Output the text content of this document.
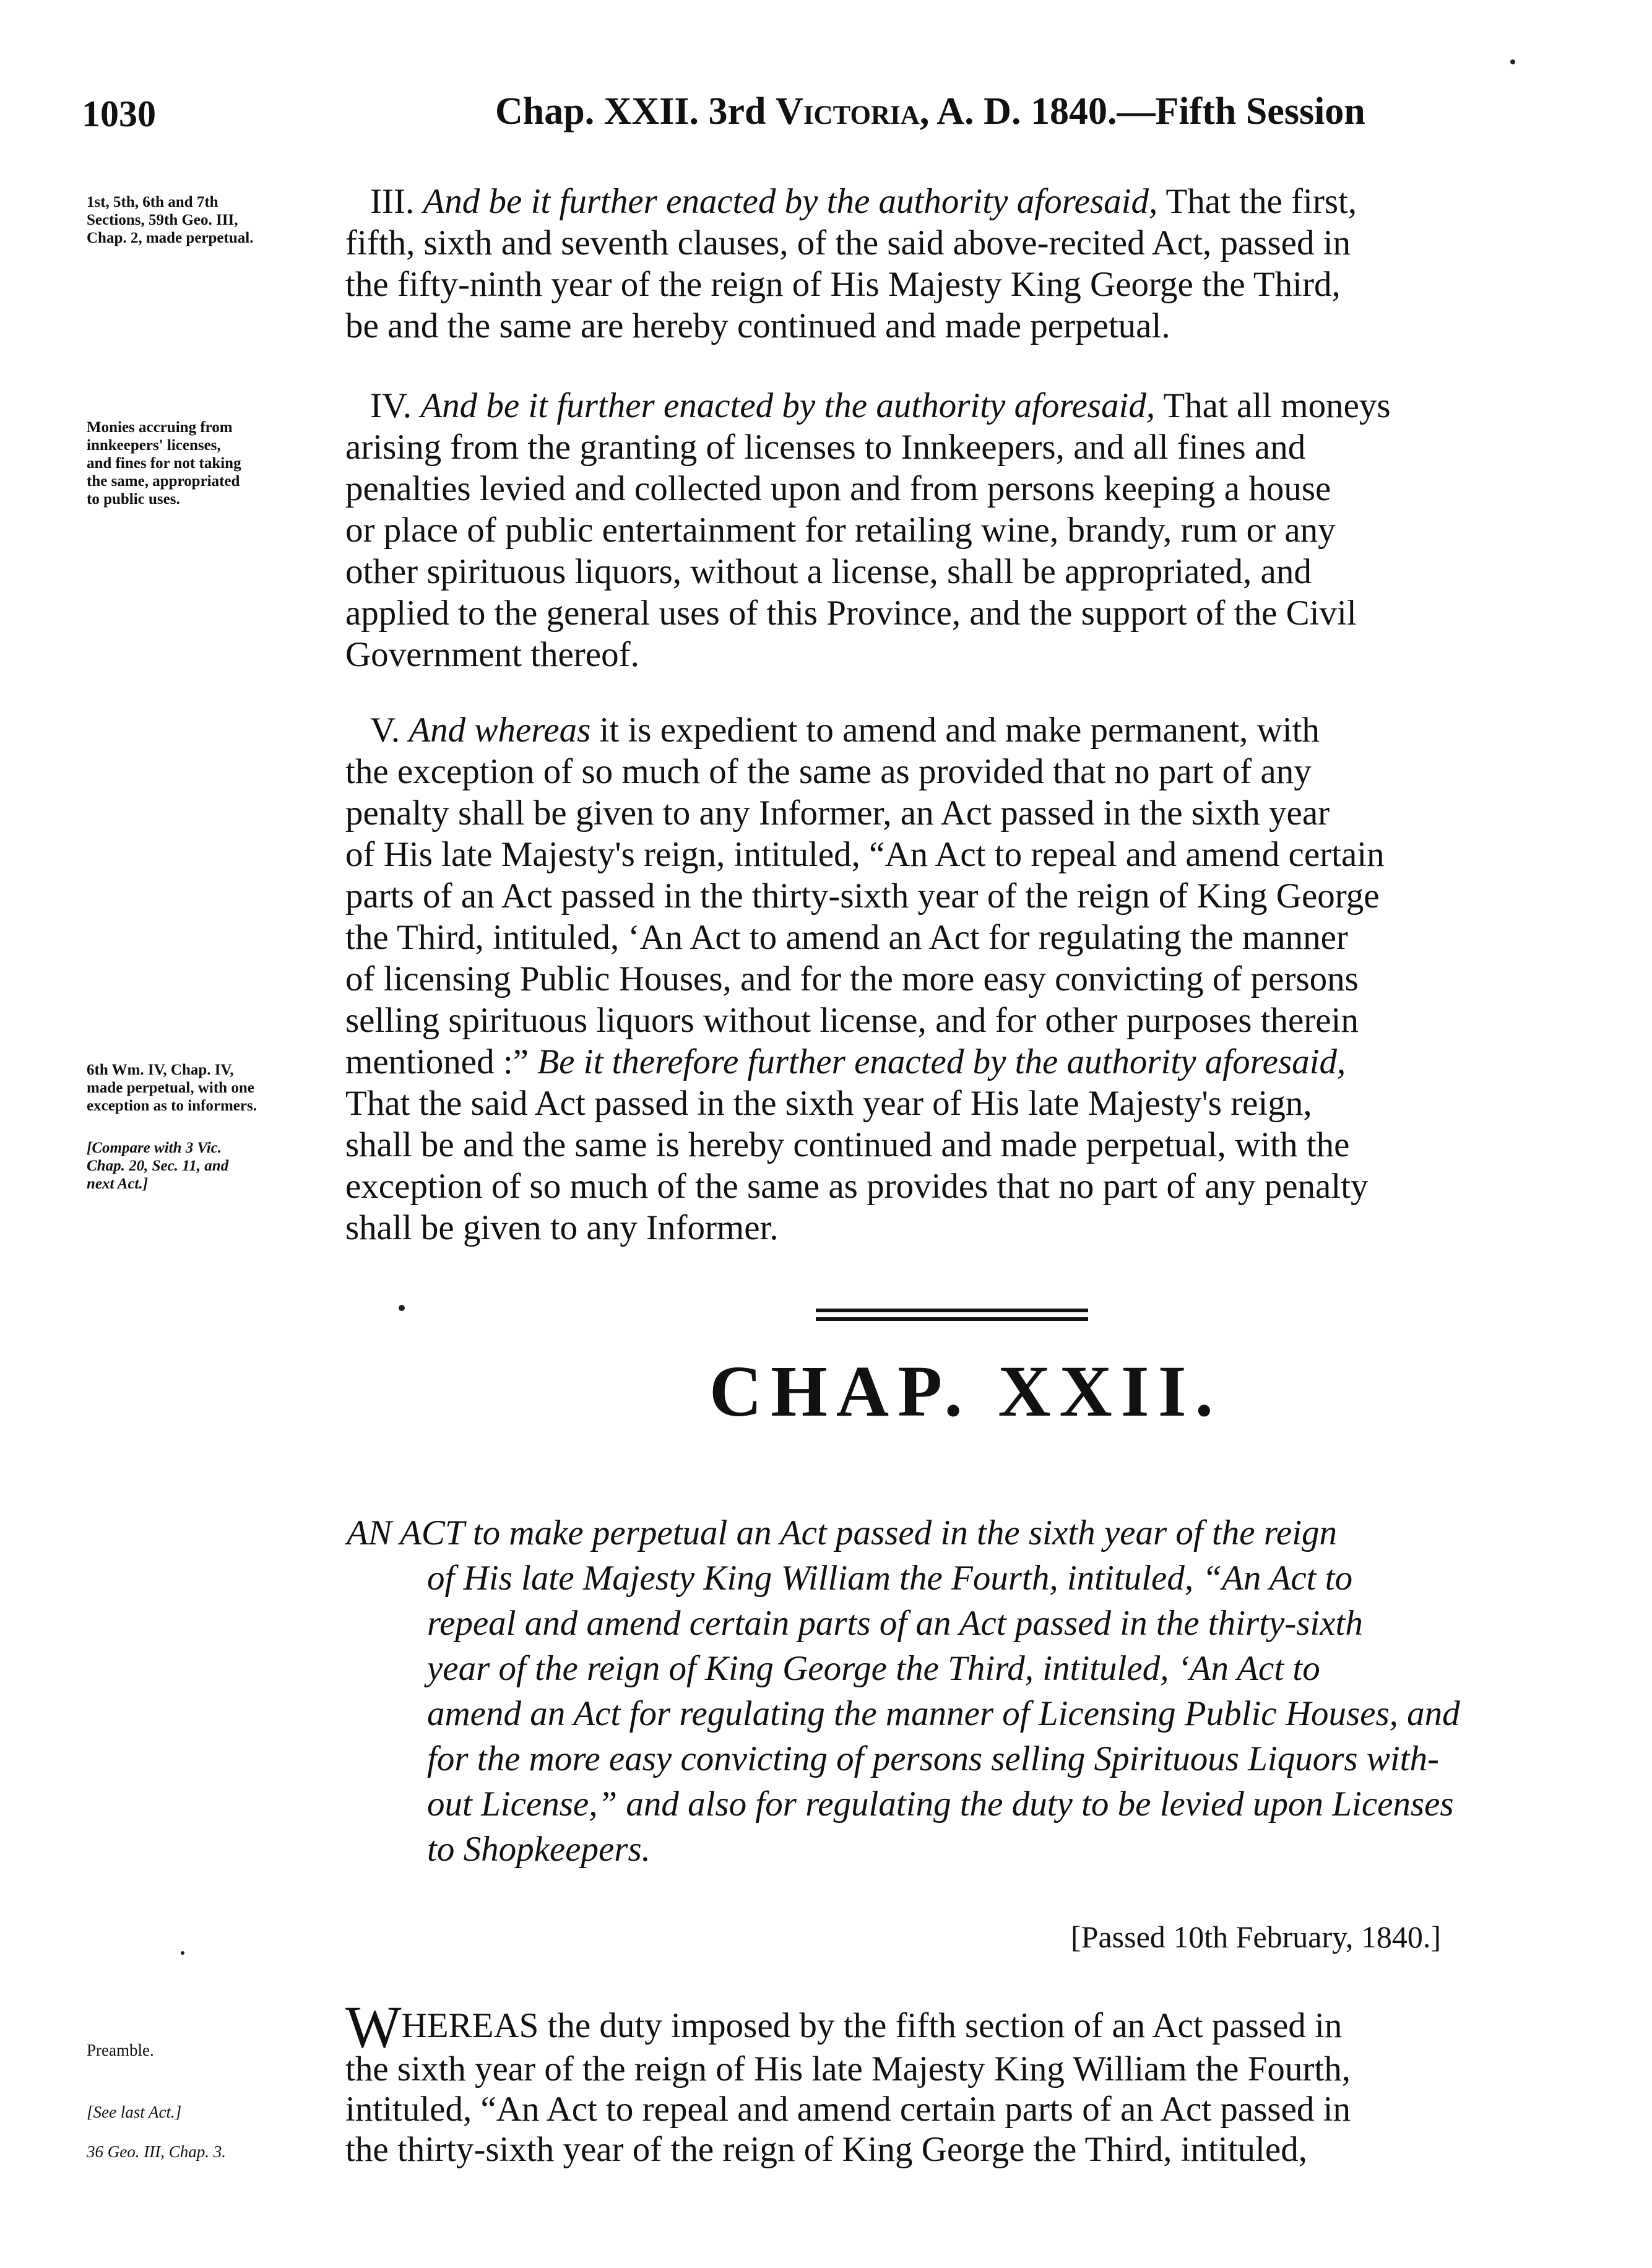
1030	Chap. XXII. 3rd Victoria, A. D. 1840.—Fifth Session
1st, 5th, 6th and 7th
Sections, 59th Geo. III,
Chap. 2, made perpetual.
Monies accruing from
innkeepers' licenses,
and fines for not taking
the same, appropriated
to public uses.
6th Wm. IV, Chap. IV,
made perpetual, with one
exception as to informers.
[Compare with 3 Vic.
Chap. 20, Sec. 11, and
next Act.]
Preamble.
[See last Act.]
36 Geo. III, Chap. 3.
III. And be it further enacted by the authority aforesaid, That the first,
fifth, sixth and seventh clauses, of the said above-recited Act, passed in
the fifty-ninth year of the reign of His Majesty King George the Third,
be and the same are hereby continued and made perpetual.
IV. And be it further enacted by the authority aforesaid, That all moneys
arising from the granting of licenses to Innkeepers, and all fines and
penalties levied and collected upon and from persons keeping a house
or place of public entertainment for retailing wine, brandy, rum or any
other spirituous liquors, without a license, shall be appropriated, and
applied to the general uses of this Province, and the support of the Civil
Government thereof.
V. And whereas it is expedient to amend and make permanent, with
the exception of so much of the same as provided that no part of any
penalty shall be given to any Informer, an Act passed in the sixth year
of His late Majesty's reign, intituled, “An Act to repeal and amend certain
parts of an Act passed in the thirty-sixth year of the reign of King George
the Third, intituled, ‘An Act to amend an Act for regulating the manner
of licensing Public Houses, and for the more easy convicting of persons
selling spirituous liquors without license, and for other purposes therein
mentioned :” Be it therefore further enacted by the authority aforesaid,
That the said Act passed in the sixth year of His late Majesty's reign,
shall be and the same is hereby continued and made perpetual, with the
exception of so much of the same as provides that no part of any penalty
shall be given to any Informer.
CHAP. XXII.
AN ACT to make perpetual an Act passed in the sixth year of the reign
of His late Majesty King William the Fourth, intituled, “An Act to
repeal and amend certain parts of an Act passed in the thirty-sixth
year of the reign of King George the Third, intituled, ‘An Act to
amend an Act for regulating the manner of Licensing Public Houses, and
for the more easy convicting of persons selling Spirituous Liquors with-
out License,” and also for regulating the duty to be levied upon Licenses
to Shopkeepers.
[Passed 10th February, 1840.]
WHEREAS the duty imposed by the fifth section of an Act passed in
the sixth year of the reign of His late Majesty King William the Fourth,
intituled, “An Act to repeal and amend certain parts of an Act passed in
the thirty-sixth year of the reign of King George the Third, intituled,
